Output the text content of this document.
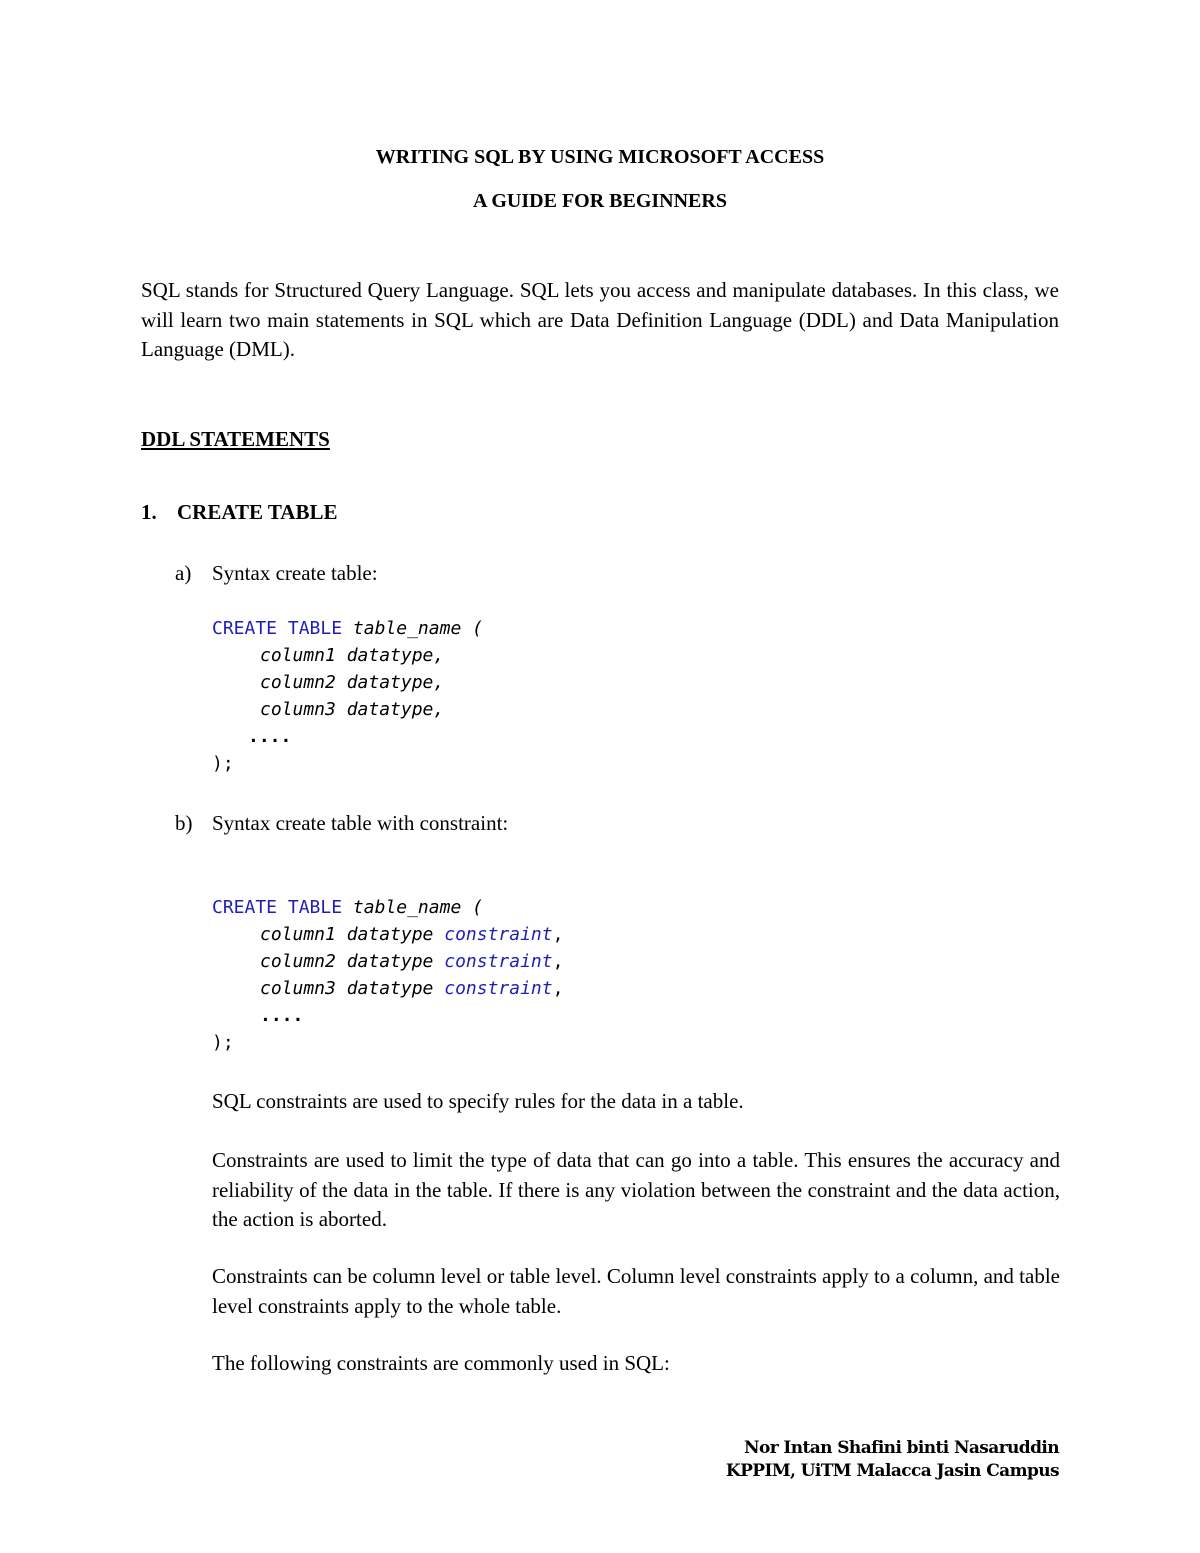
WRITING SQL BY USING MICROSOFT ACCESS
A GUIDE FOR BEGINNERS
SQL stands for Structured Query Language. SQL lets you access and manipulate databases. In this class, we will learn two main statements in SQL which are Data Definition Language (DDL) and Data Manipulation Language (DML).
DDL STATEMENTS
1. CREATE TABLE
a) Syntax create table:
CREATE TABLE table_name (
column1 datatype,
column2 datatype,
column3 datatype,
....
);
b) Syntax create table with constraint:
CREATE TABLE table_name (
column1 datatype constraint,
column2 datatype constraint,
column3 datatype constraint,
....
);
SQL constraints are used to specify rules for the data in a table.
Constraints are used to limit the type of data that can go into a table. This ensures the accuracy and reliability of the data in the table. If there is any violation between the constraint and the data action, the action is aborted.
Constraints can be column level or table level. Column level constraints apply to a column, and table level constraints apply to the whole table.
The following constraints are commonly used in SQL:
Nor Intan Shafini binti Nasaruddin
KPPIM, UiTM Malacca Jasin Campus
